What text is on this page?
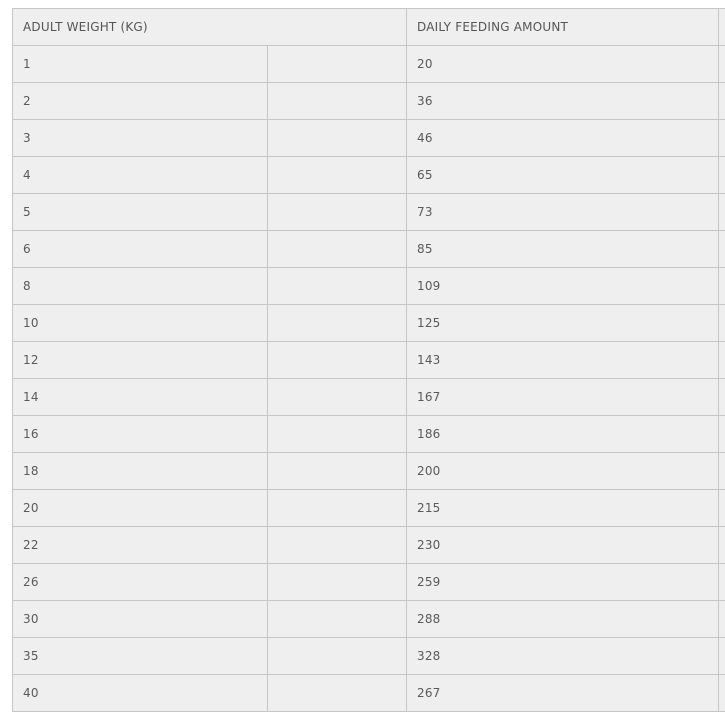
ADULT WEIGHT (KG)		DAILY FEEDING AMOUNT	
1		20	
2		36	
3		46	
4		65	
5		73	
6		85	
8		109	
10		125	
12		143	
14		167	
16		186	
18		200	
20		215	
22		230	
26		259	
30		288	
35		328	
40		267	
